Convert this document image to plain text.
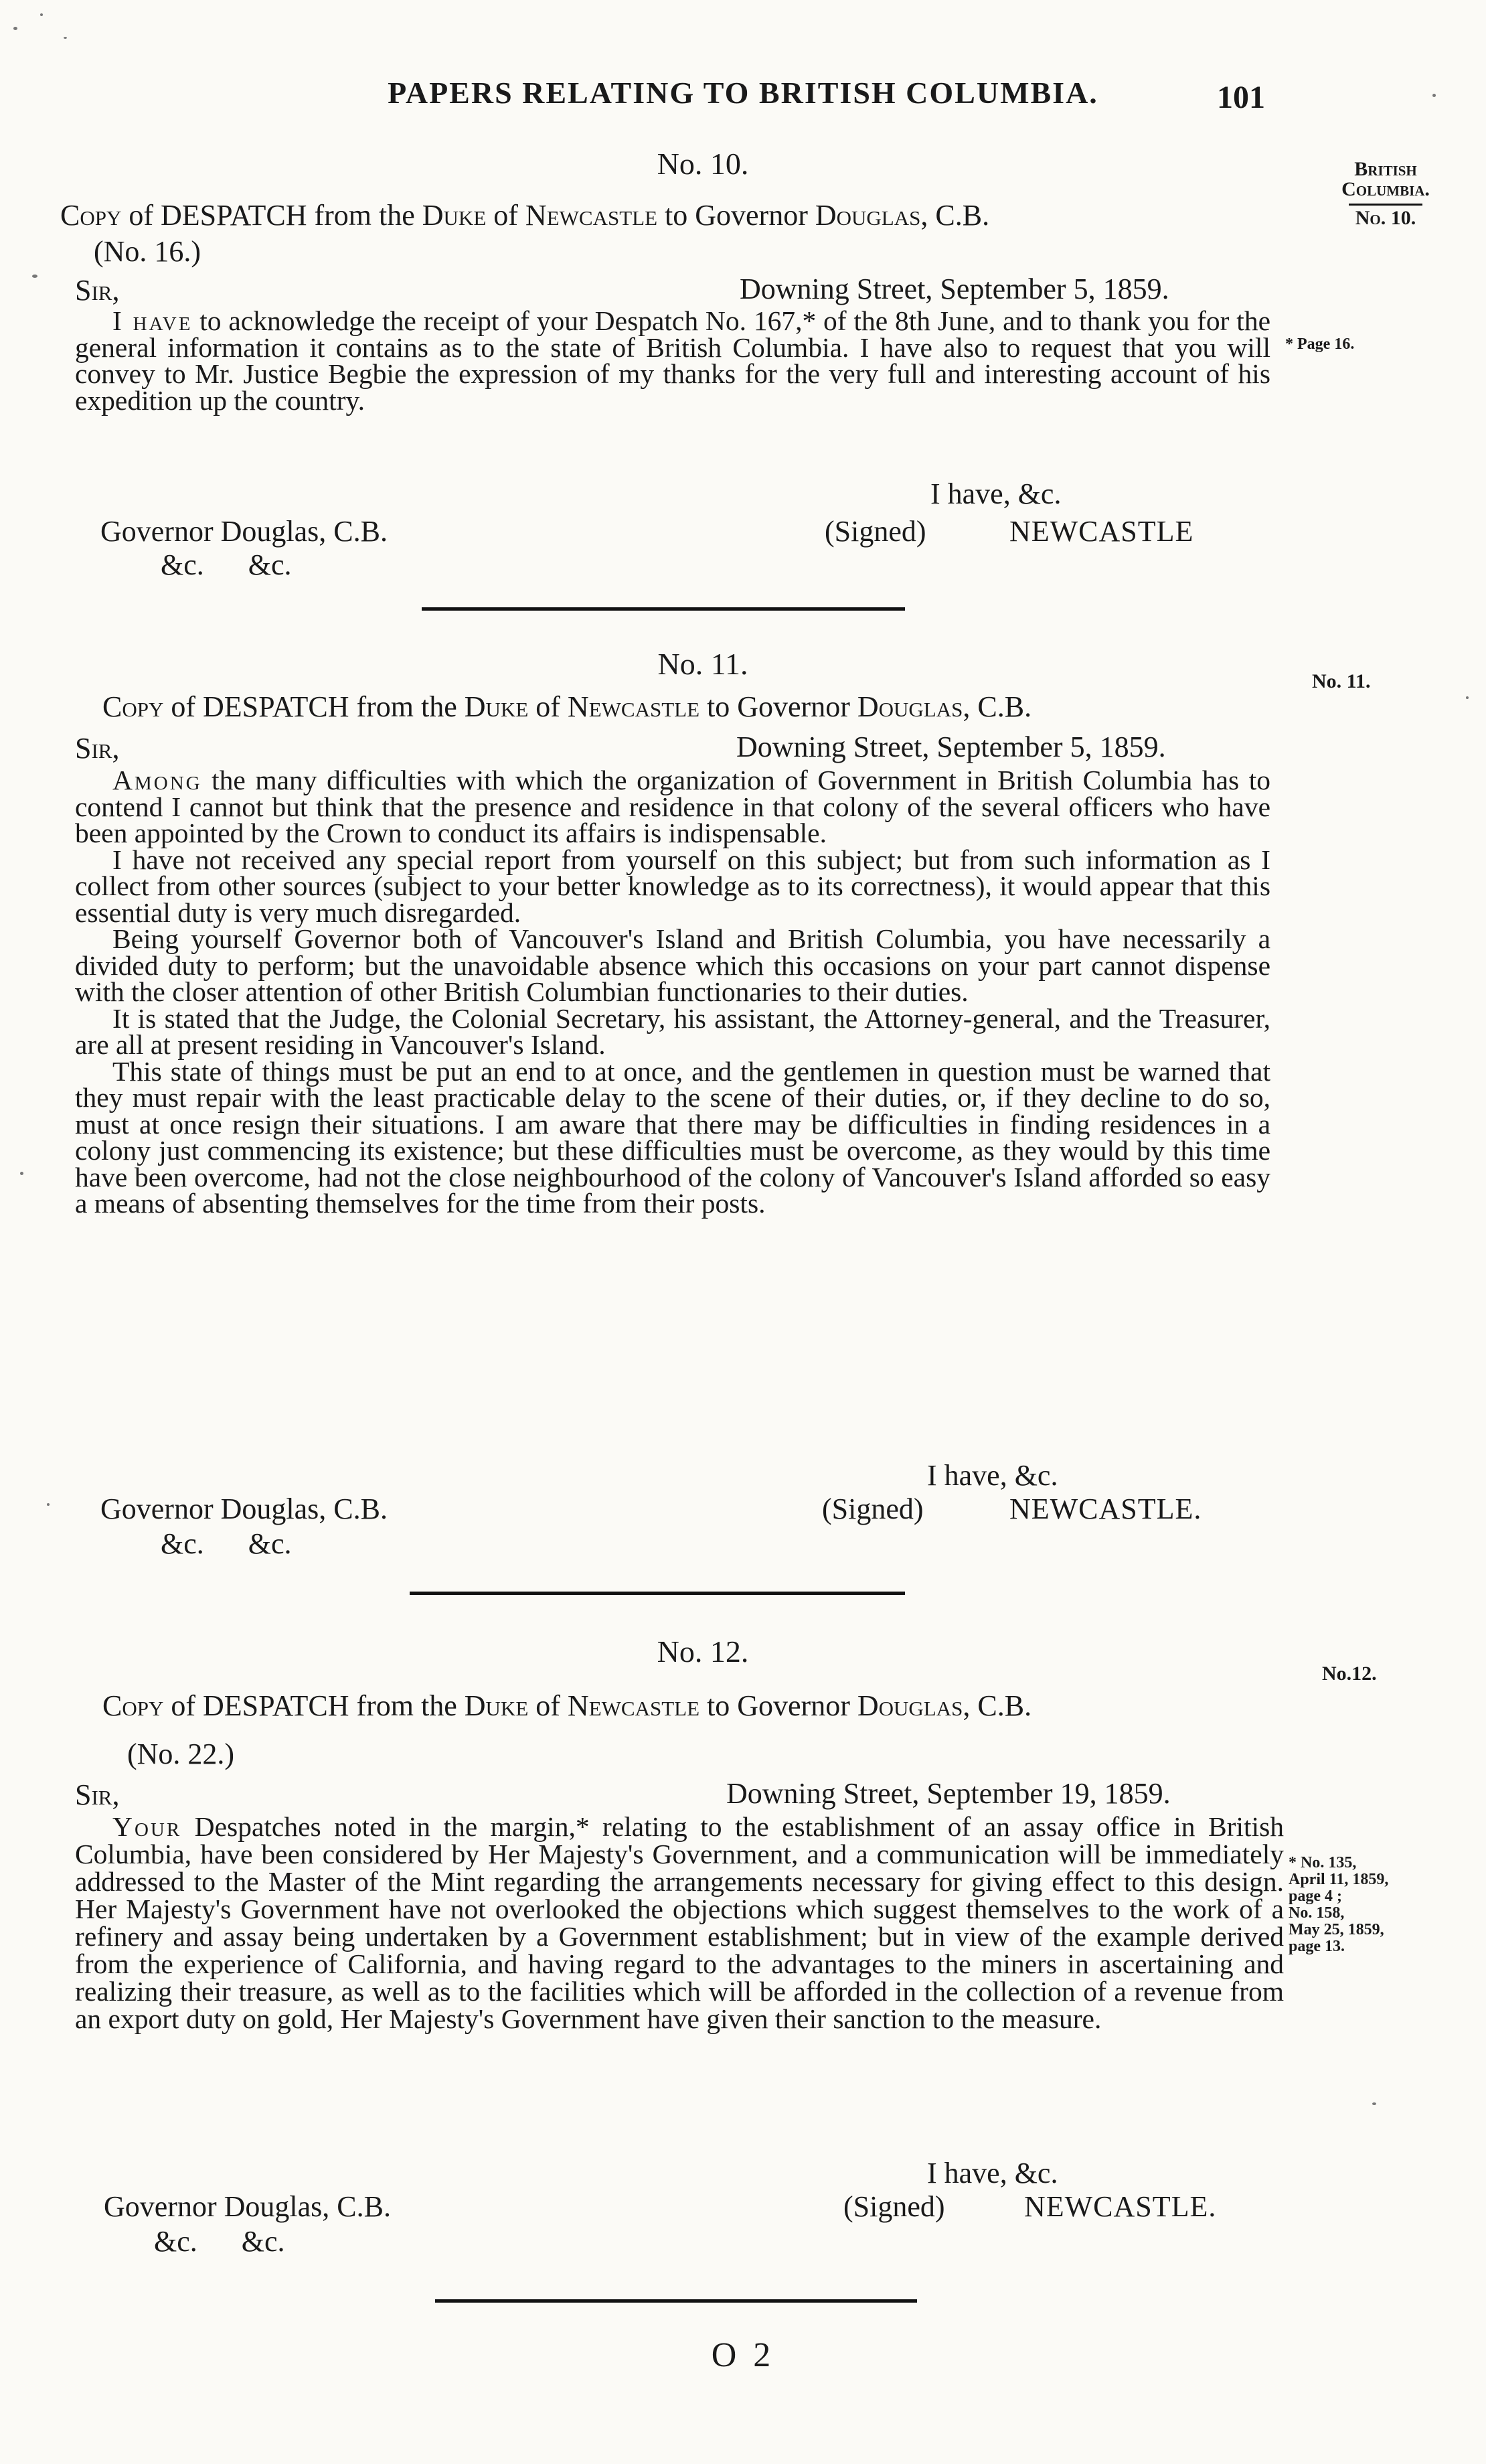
PAPERS RELATING TO BRITISH COLUMBIA.	101
British
Columbia.
No. 10.
* Page 16.
No. 11.
No.12.
* No. 135,
April 11, 1859,
page 4 ;
No. 158,
May 25, 1859,
page 13.
No. 10.
Copy of DESPATCH from the Duke of Newcastle to Governor Douglas, C.B.
(No. 16.)
Sir,	Downing Street, September 5, 1859.

I have to acknowledge the receipt of your Despatch No. 167,* of the 8th June, and to thank you for the general information it contains as to the state of British Columbia. I have also to request that you will convey to Mr. Justice Begbie the expression of my thanks for the very full and interesting account of his expedition up the country.

I have, &c.
Governor Douglas, C.B.	(Signed)	NEWCASTLE
&c.      &c.
No. 11.
Copy of DESPATCH from the Duke of Newcastle to Governor Douglas, C.B.
Sir,	Downing Street, September 5, 1859.

Among the many difficulties with which the organization of Government in British Columbia has to contend I cannot but think that the presence and residence in that colony of the several officers who have been appointed by the Crown to conduct its affairs is indispensable.

I have not received any special report from yourself on this subject; but from such information as I collect from other sources (subject to your better knowledge as to its correctness), it would appear that this essential duty is very much disregarded.

Being yourself Governor both of Vancouver's Island and British Columbia, you have necessarily a divided duty to perform; but the unavoidable absence which this occasions on your part cannot dispense with the closer attention of other British Columbian functionaries to their duties.

It is stated that the Judge, the Colonial Secretary, his assistant, the Attorney-general, and the Treasurer, are all at present residing in Vancouver's Island.

This state of things must be put an end to at once, and the gentlemen in question must be warned that they must repair with the least practicable delay to the scene of their duties, or, if they decline to do so, must at once resign their situations. I am aware that there may be difficulties in finding residences in a colony just commencing its existence; but these difficulties must be overcome, as they would by this time have been overcome, had not the close neighbourhood of the colony of Vancouver's Island afforded so easy a means of absenting themselves for the time from their posts.

I have, &c.
Governor Douglas, C.B.	(Signed)	NEWCASTLE.
&c.      &c.
No. 12.
Copy of DESPATCH from the Duke of Newcastle to Governor Douglas, C.B.
(No. 22.)
Sir,	Downing Street, September 19, 1859.

Your Despatches noted in the margin,* relating to the establishment of an assay office in British Columbia, have been considered by Her Majesty's Government, and a communication will be immediately addressed to the Master of the Mint regarding the arrangements necessary for giving effect to this design. Her Majesty's Government have not overlooked the objections which suggest themselves to the work of a refinery and assay being undertaken by a Government establishment; but in view of the example derived from the experience of California, and having regard to the advantages to the miners in ascertaining and realizing their treasure, as well as to the facilities which will be afforded in the collection of a revenue from an export duty on gold, Her Majesty's Government have given their sanction to the measure.

I have, &c.
Governor Douglas, C.B.	(Signed)	NEWCASTLE.
&c.      &c.
O 2
